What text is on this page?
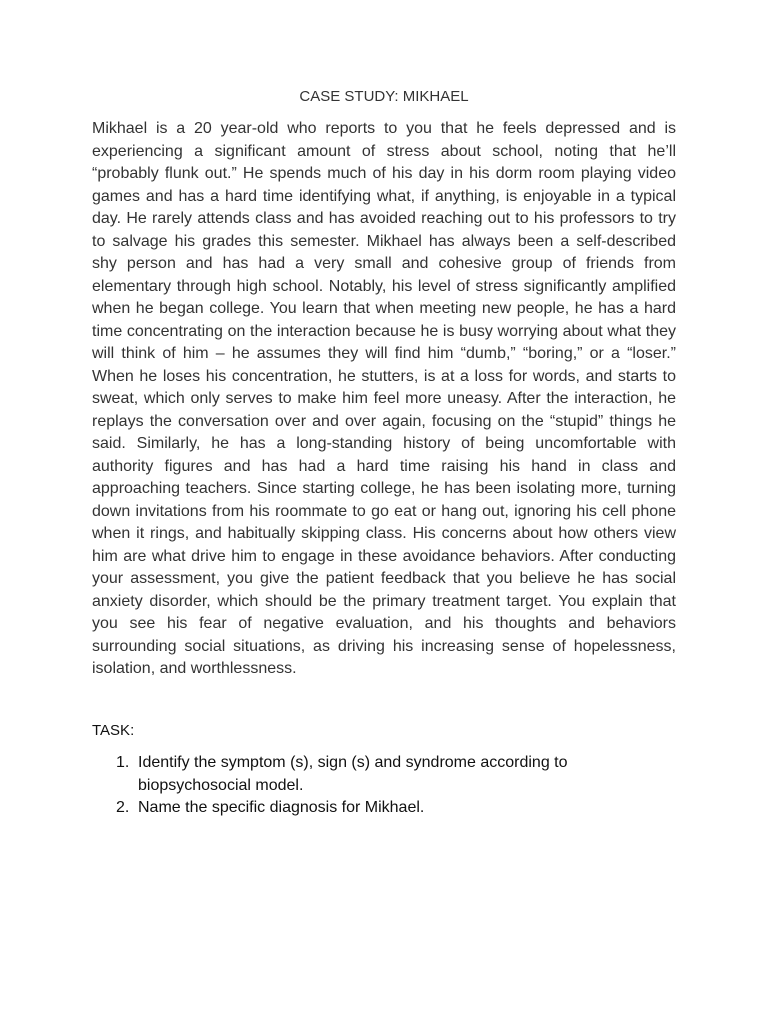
CASE STUDY: MIKHAEL

Mikhael is a 20 year-old who reports to you that he feels depressed and is experiencing a significant amount of stress about school, noting that he’ll “probably flunk out.” He spends much of his day in his dorm room playing video games and has a hard time identifying what, if anything, is enjoyable in a typical day. He rarely attends class and has avoided reaching out to his professors to try to salvage his grades this semester. Mikhael has always been a self-described shy person and has had a very small and cohesive group of friends from elementary through high school. Notably, his level of stress significantly amplified when he began college. You learn that when meeting new people, he has a hard time concentrating on the interaction because he is busy worrying about what they will think of him – he assumes they will find him “dumb,” “boring,” or a “loser.” When he loses his concentration, he stutters, is at a loss for words, and starts to sweat, which only serves to make him feel more uneasy. After the interaction, he replays the conversation over and over again, focusing on the “stupid” things he said. Similarly, he has a long-standing history of being uncomfortable with authority figures and has had a hard time raising his hand in class and approaching teachers. Since starting college, he has been isolating more, turning down invitations from his roommate to go eat or hang out, ignoring his cell phone when it rings, and habitually skipping class. His concerns about how others view him are what drive him to engage in these avoidance behaviors. After conducting your assessment, you give the patient feedback that you believe he has social anxiety disorder, which should be the primary treatment target. You explain that you see his fear of negative evaluation, and his thoughts and behaviors surrounding social situations, as driving his increasing sense of hopelessness, isolation, and worthlessness.

TASK:
1. Identify the symptom (s), sign (s) and syndrome according to biopsychosocial model.
2. Name the specific diagnosis for Mikhael.
